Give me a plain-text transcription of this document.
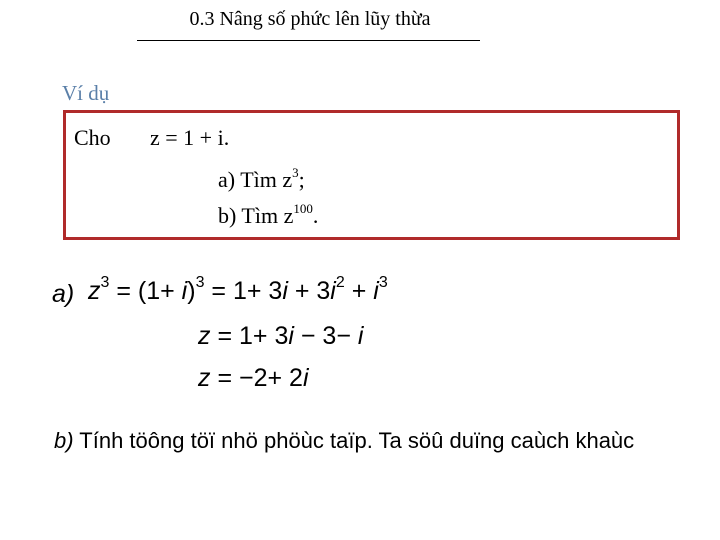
0.3 Nâng số phức lên lũy thừa
Ví dụ
Cho z = 1 + i.
a) Tìm $z^3$;
b) Tìm $z^{100}$.
a) $z^3 = (1+ i)^3 = 1+ 3i + 3i^2 + i^3$
z = 1+ 3i − 3− i
z = −2+ 2i
b) Tính töông töï nhö phöùc taïp. Ta söû duïng caùch khaùc
